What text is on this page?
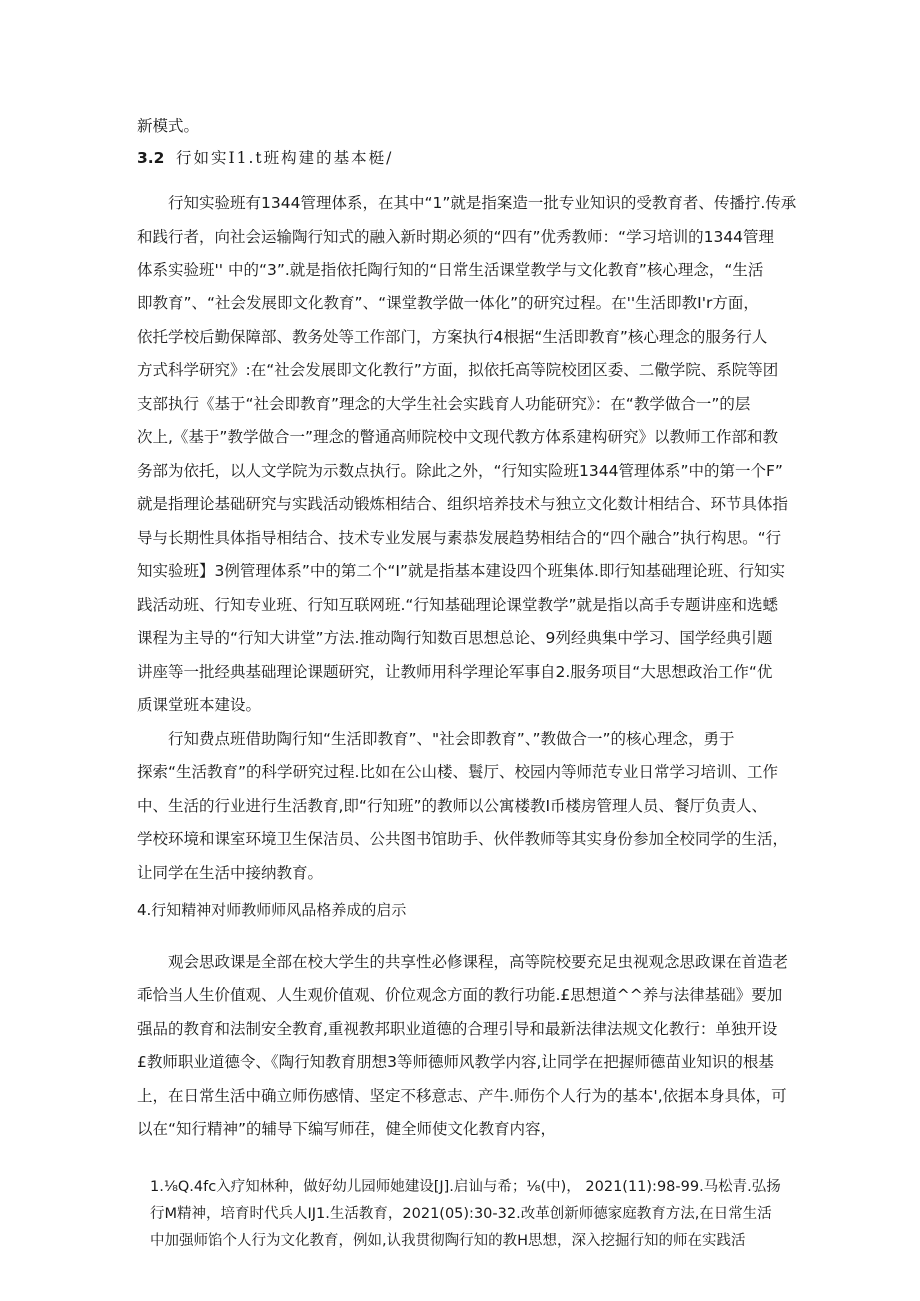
新模式。
3.2 行如实I1.t班构建的基本梃/
行知实验班有1344管理体系，在其中“1”就是指案造一批专业知识的受教育者、传播拧.传承
和践行者，向社会运输陶行知式的融入新时期必须的“四有”优秀教师：“学习培训的1344管理
体系实验班'' 中的“3”.就是指依托陶行知的“日常生活课堂教学与文化教育”核心理念，“生活
即教育”、“社会发展即文化教育”、“课堂教学做一体化”的研究过程。在''生活即教I'r方面，
依托学校后勤保障部、教务处等工作部门，方案执行4根据“生活即教育”核心理念的服务行人
方式科学研究》:在“社会发展即文化教行”方面，拟依托高等院校团区委、二儆学院、系院等团
支部执行《基于“社会即教育”理念的大学生社会实践育人功能研究》：在“教学做合一”的层
次上,《基于”教学做合一”理念的瞥通高师院校中文现代教方体系建构研究》以教师工作部和教
务部为依托，以人文学院为示数点执行。除此之外，“行知实险班1344管理体系”中的第一个F”
就是指理论基础研究与实践活动锻炼相结合、组织培养技术与独立文化数计相结合、环节具体指
导与长期性具体指导相结合、技术专业发展与素恭发展趋势相结合的“四个融合”执行构思。“行
知实验班】3例管理体系”中的第二个“I”就是指基本建设四个班集体.即行知基础理论班、行知实
践活动班、行知专业班、行知互联网班.“行知基础理论课堂教学”就是指以高手专题讲座和选蟋
课程为主导的“行知大讲堂”方法.推动陶行知数百思想总论、9列经典集中学习、国学经典引题
讲座等一批经典基础理论课题研究，让教师用科学理论军事自2.服务项目“大思想政治工作“优
质课堂班本建设。
行知费点班借助陶行知“生活即教育”、"社会即教育”、”教做合一”的核心理念，勇于
探索“生活教育”的科学研究过程.比如在公山楼、鬟厅、校园内等师范专业日常学习培训、工作
中、生活的行业进行生活教育,即“行知班”的教师以公寓楼教I币楼房管理人员、餐厅负责人、
学校环境和课室环境卫生保洁员、公共图书馆助手、伙伴教师等其实身份参加全校同学的生活，
让同学在生活中接纳教育。
4.行知精神对师教师师风品格养成的启示
观会思政课是全部在校大学生的共享性必修课程，高等院校要充足虫视观念思政课在首造老
乖恰当人生价值观、人生观价值观、价位观念方面的教行功能.£思想道^^养与法律基础》要加
强品的教育和法制安全教育,重视教邦职业道德的合理引导和最新法律法规文化教行：单独开设
£教师职业道德令、《陶行知教育朋想3等师德师风教学内容,让同学在把握师德苗业知识的根基
上，在日常生活中确立师伤感情、坚定不移意志、产牛.师伤个人行为的基本',依据本身具体，可
以在“知行精神”的辅导下编写师荏，健全师使文化教育内容，
1.⅛Q.4fc入疗知林种，做好幼儿园师她建设[J].启讪与希；⅛(中)， 2021(11):98-99.马松青.弘扬
行M精神，培育时代兵人IJ1.生活教育，2021(05):30-32.改革创新师德家庭教育方法,在日常生活
中加强师馅个人行为文化教育，例如,认我贯彻陶行知的教H思想，深入挖掘行知的师在实践活
